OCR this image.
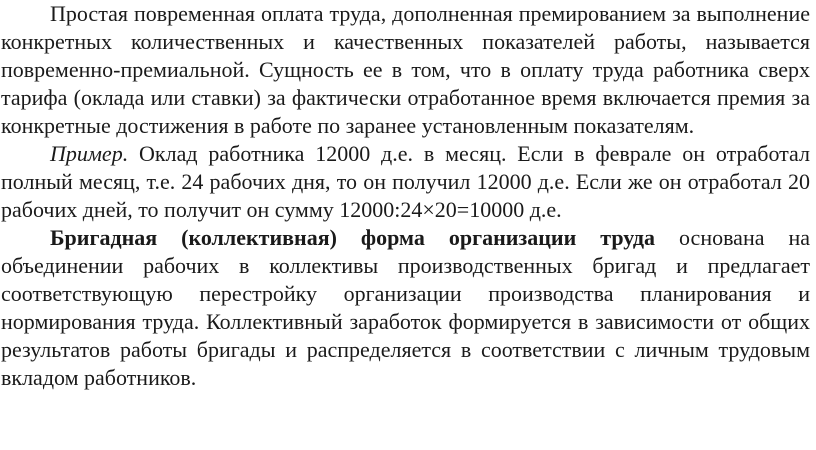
Простая повременная оплата труда, дополненная премированием за выполнение конкретных количественных и качественных показателей работы, называется повременно-премиальной. Сущность ее в том, что в оплату труда работника сверх тарифа (оклада или ставки) за фактически отработанное время включается премия за конкретные достижения в работе по заранее установленным показателям.

Пример. Оклад работника 12000 д.е. в месяц. Если в феврале он отработал полный месяц, т.е. 24 рабочих дня, то он получил 12000 д.е. Если же он отработал 20 рабочих дней, то получит он сумму 12000:24×20=10000 д.е.

Бригадная (коллективная) форма организации труда основана на объединении рабочих в коллективы производственных бригад и предлагает соответствующую перестройку организации производства планирования и нормирования труда. Коллективный заработок формируется в зависимости от общих результатов работы бригады и распределяется в соответствии с личным трудовым вкладом работников.
